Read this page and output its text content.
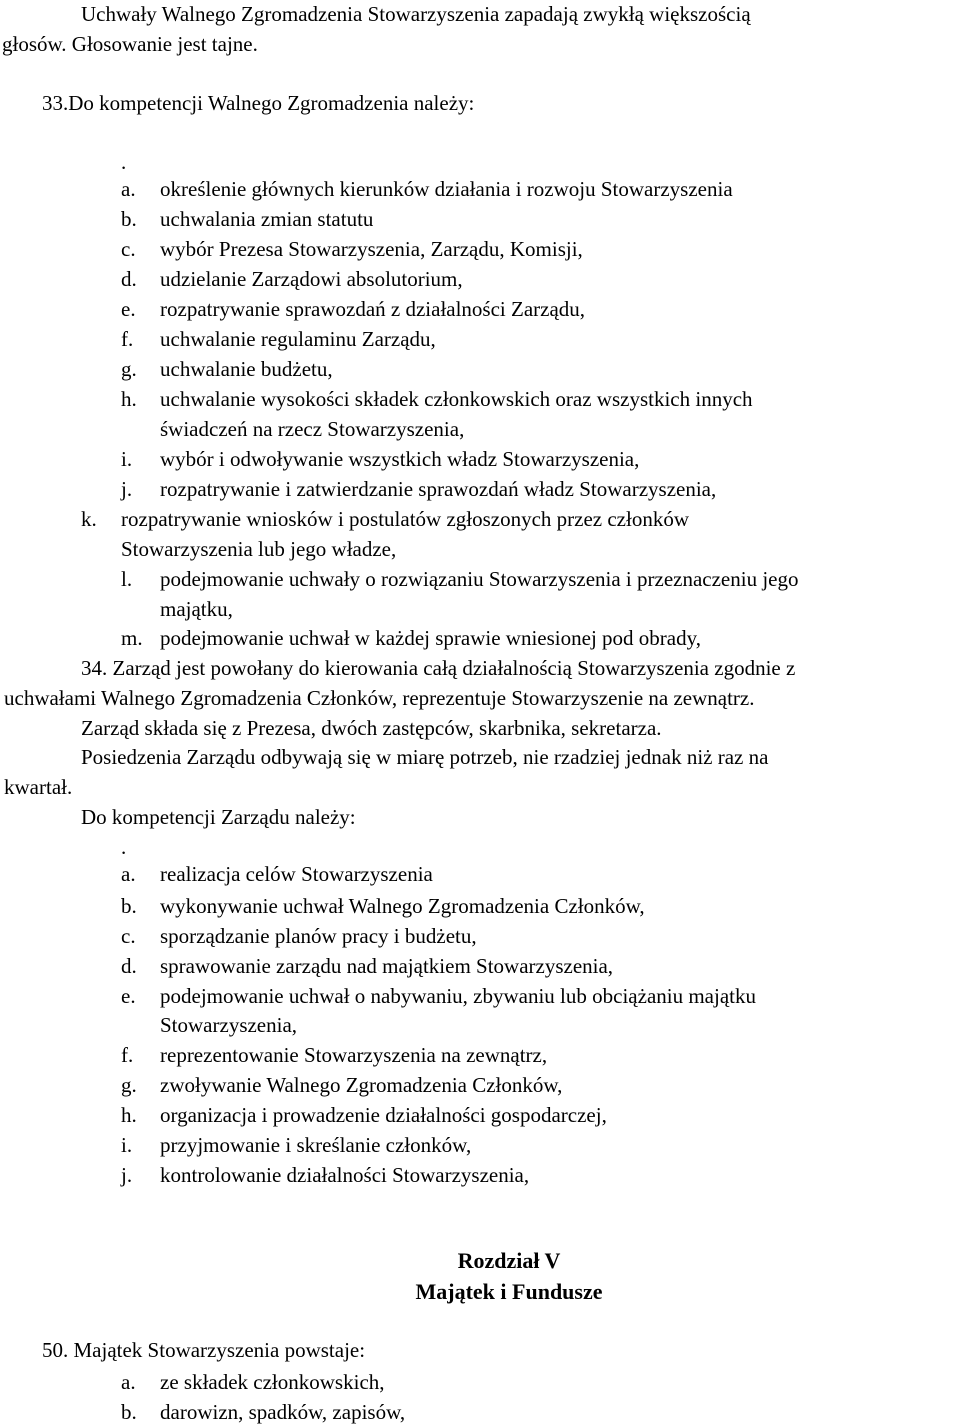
Uchwały Walnego Zgromadzenia Stowarzyszenia zapadają zwykłą większością
głosów. Głosowanie jest tajne.
33.Do kompetencji Walnego Zgromadzenia należy:
.
a. określenie głównych kierunków działania i rozwoju Stowarzyszenia
b. uchwalania zmian statutu
c. wybór Prezesa Stowarzyszenia, Zarządu, Komisji,
d. udzielanie Zarządowi absolutorium,
e. rozpatrywanie sprawozdań z działalności Zarządu,
f. uchwalanie regulaminu Zarządu,
g. uchwalanie budżetu,
h. uchwalanie wysokości składek członkowskich oraz wszystkich innych
świadczeń na rzecz Stowarzyszenia,
i. wybór i odwoływanie wszystkich władz Stowarzyszenia,
j. rozpatrywanie i zatwierdzanie sprawozdań władz Stowarzyszenia,
k. rozpatrywanie wniosków i postulatów zgłoszonych przez członków
Stowarzyszenia lub jego władze,
l. podejmowanie uchwały o rozwiązaniu Stowarzyszenia i przeznaczeniu jego
majątku,
m. podejmowanie uchwał w każdej sprawie wniesionej pod obrady,
34. Zarząd jest powołany do kierowania całą działalnością Stowarzyszenia zgodnie z
uchwałami Walnego Zgromadzenia Członków, reprezentuje Stowarzyszenie na zewnątrz.
Zarząd składa się z Prezesa, dwóch zastępców, skarbnika, sekretarza.
Posiedzenia Zarządu odbywają się w miarę potrzeb, nie rzadziej jednak niż raz na
kwartał.
Do kompetencji Zarządu należy:
.
a. realizacja celów Stowarzyszenia
b. wykonywanie uchwał Walnego Zgromadzenia Członków,
c. sporządzanie planów pracy i budżetu,
d. sprawowanie zarządu nad majątkiem Stowarzyszenia,
e. podejmowanie uchwał o nabywaniu, zbywaniu lub obciążaniu majątku
Stowarzyszenia,
f. reprezentowanie Stowarzyszenia na zewnątrz,
g. zwoływanie Walnego Zgromadzenia Członków,
h. organizacja i prowadzenie działalności gospodarczej,
i. przyjmowanie i skreślanie członków,
j. kontrolowanie działalności Stowarzyszenia,
Rozdział V
Majątek i Fundusze
50. Majątek Stowarzyszenia powstaje:
a. ze składek członkowskich,
b. darowizn, spadków, zapisów,
